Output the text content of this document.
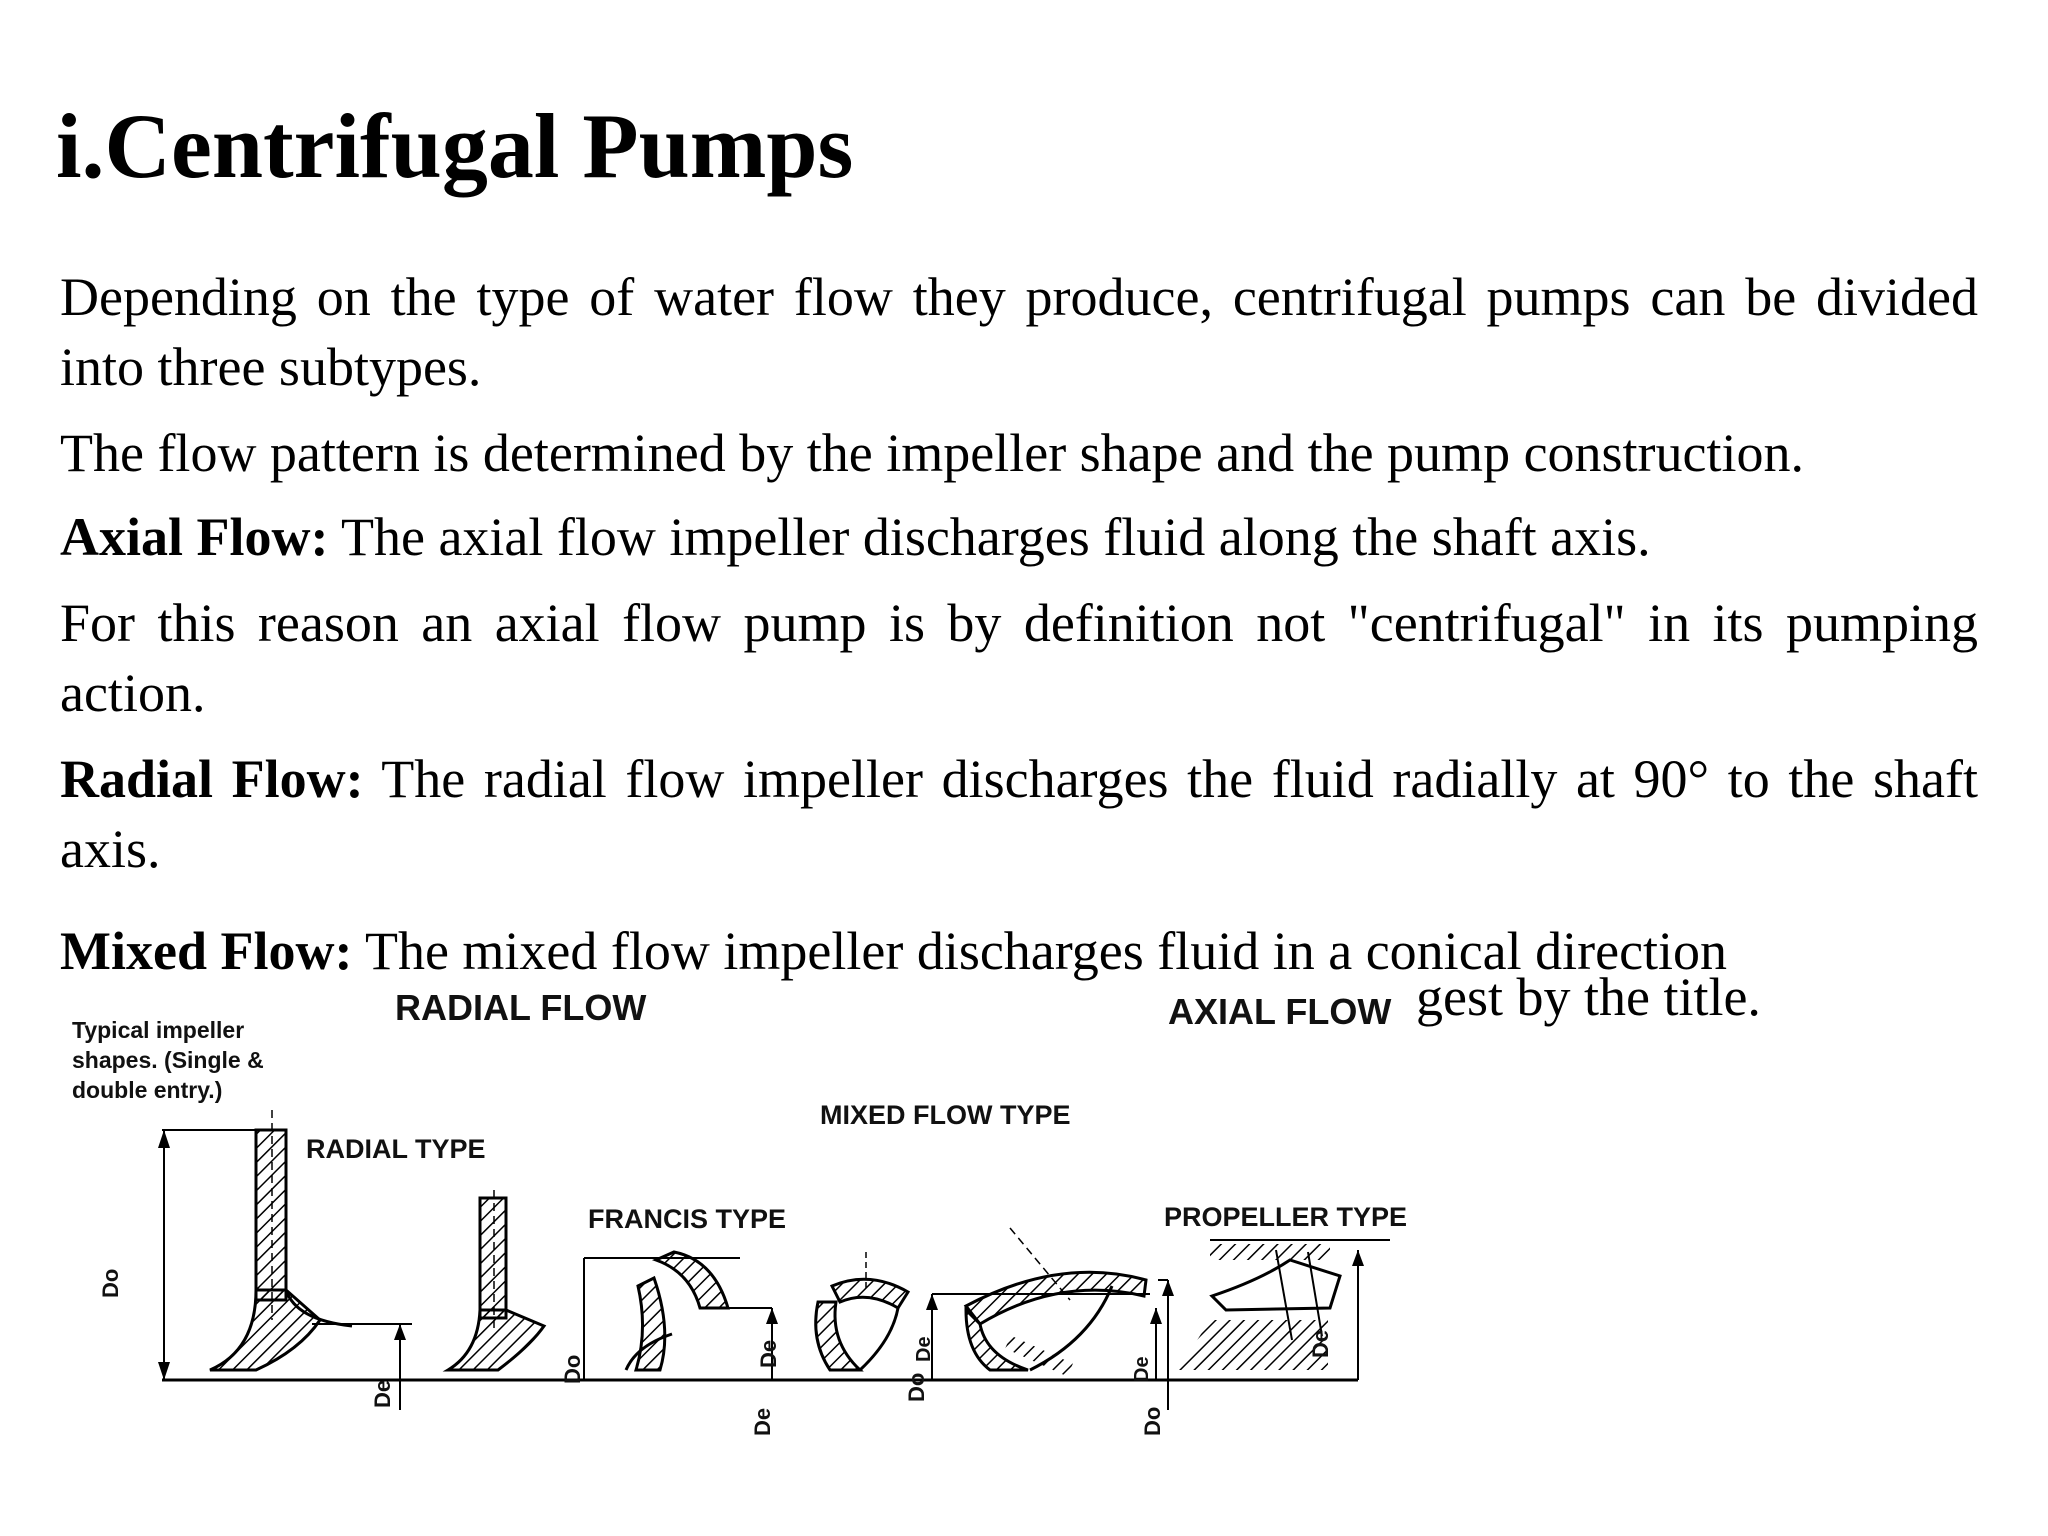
i.Centrifugal Pumps

Depending on the type of water flow they produce, centrifugal pumps can be divided into three subtypes.

The flow pattern is determined by the impeller shape and the pump construction.

Axial Flow: The axial flow impeller discharges fluid along the shaft axis.

For this reason an axial flow pump is by definition not "centrifugal" in its pumping action.

Radial Flow: The radial flow impeller discharges the fluid radially at 90° to the shaft axis.

Mixed Flow: The mixed flow impeller discharges fluid in a conical direction
Typical impeller
shapes. (Single &
double entry.)
RADIAL FLOW	AXIAL FLOW
MIXED FLOW TYPE
RADIAL TYPE
FRANCIS TYPE	PROPELLER TYPE
Do
De
Do
De
De
Do
De
De
De
Do
gest by the title.
